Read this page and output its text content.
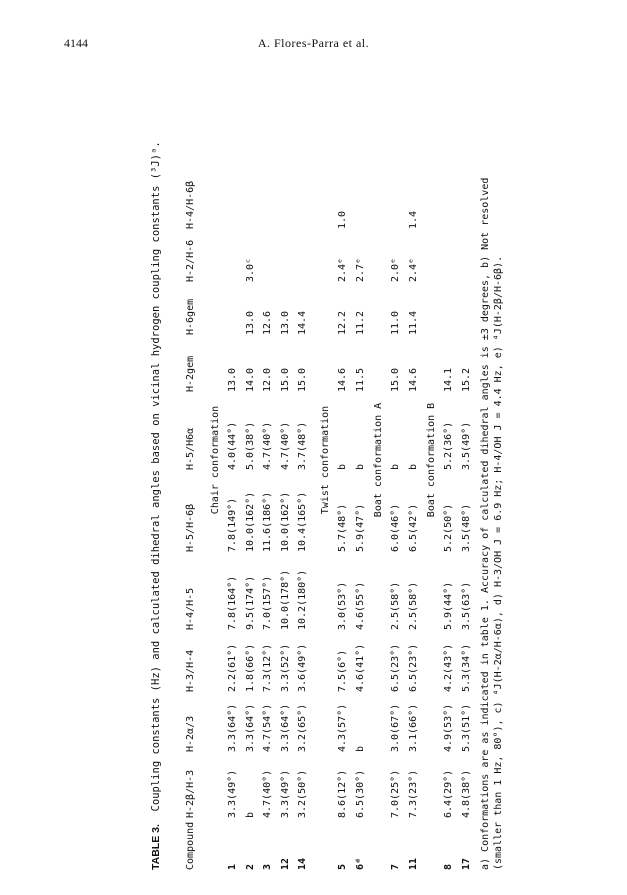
4144	A. Flores-Parra et al.
TABLE 3.  Coupling constants (Hz) and calculated dihedral angles based on vicinal hydrogen coupling constants (³J)ᵃ.
Compound
H-2β/H-3
H-2α/3
H-3/H-4
H-4/H-5
H-5/H-6β
H-5/H6α
H-2gem
H-6gem
H-2/H-6
H-4/H-6β
Chair conformation
1
3.3(49°)
3.3(64°)
2.2(61°)
7.8(164°)
7.8(149°)
4.0(44°)
13.0
2
b
3.3(64°)
1.8(66°)
9.5(174°)
10.0(162°)
5.0(38°)
14.0
13.0
3.0ᶜ
3
4.7(40°)
4.7(54°)
7.3(12°)
7.0(157°)
11.6(186°)
4.7(40°)
12.0
12.6
12
3.3(49°)
3.3(64°)
3.3(52°)
10.0(178°)
10.0(162°)
4.7(40°)
15.0
13.0
14
3.2(50°)
3.2(65°)
3.6(49°)
10.2(180°)
10.4(165°)
3.7(48°)
15.0
14.4
Twist conformation
5
8.6(12°)
4.3(57°)
7.5(6°)
3.0(53°)
5.7(48°)
b
14.6
12.2
2.4ᵉ
1.0
6ᵈ
6.5(30°)
b
4.6(41°)
4.6(55°)
5.9(47°)
b
11.5
11.2
2.7ᵉ
Boat conformation A
7
7.0(25°)
3.0(67°)
6.5(23°)
2.5(58°)
6.0(46°)
b
15.0
11.0
2.0ᵉ
11
7.3(23°)
3.1(66°)
6.5(23°)
2.5(58°)
6.5(42°)
b
14.6
11.4
2.4ᵉ
1.4
Boat conformation B
8
6.4(29°)
4.9(53°)
4.2(43°)
5.9(44°)
5.2(50°)
5.2(36°)
14.1
17
4.8(38°)
5.3(51°)
5.3(34°)
3.5(63°)
3.5(48°)
3.5(49°)
15.2 a) Conformations are as indicated in table 1. Accuracy of calculated dihedral angles is ±3 degrees, b) Not resolved (smaller than 1 Hz, 80°), c) ⁴J(H-2α/H-6α), d) H-3/OH J = 6.9 Hz; H-4/OH J = 4.4 Hz, e) ⁴J(H-2β/H-6β).
